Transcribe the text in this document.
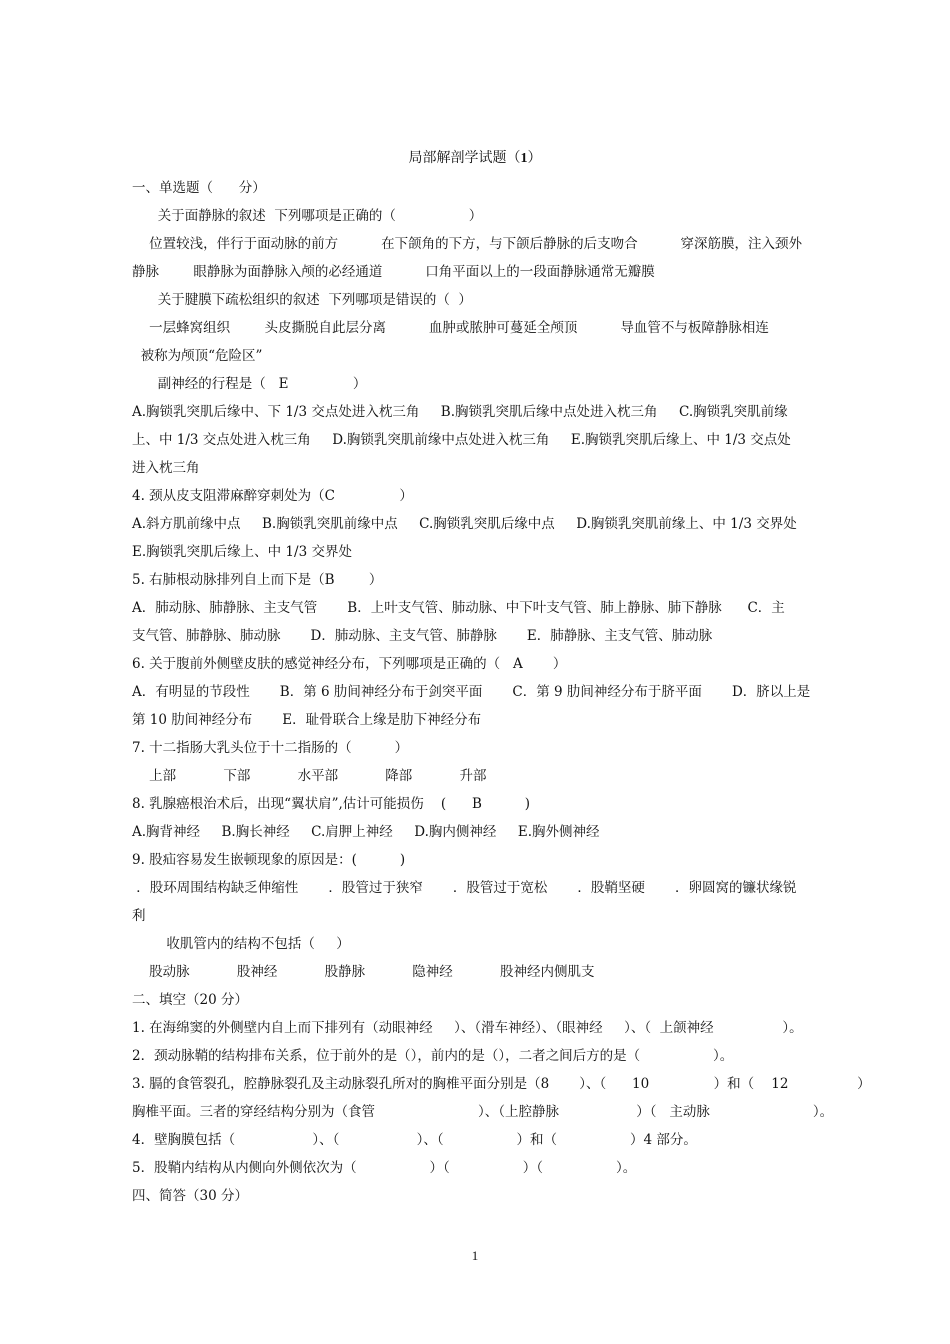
局部解剖学试题（1）
一、单选题（      分）
关于面静脉的叙述  下列哪项是正确的（                 ）
位置较浅，伴行于面动脉的前方          在下颌角的下方，与下颌后静脉的后支吻合          穿深筋膜，注入颈外
静脉        眼静脉为面静脉入颅的必经通道          口角平面以上的一段面静脉通常无瓣膜
关于腱膜下疏松组织的叙述  下列哪项是错误的（  ）
一层蜂窝组织        头皮撕脱自此层分离          血肿或脓肿可蔓延全颅顶          导血管不与板障静脉相连
被称为颅顶“危险区”
副神经的行程是（   E               ）
A.胸锁乳突肌后缘中、下 1/3 交点处进入枕三角     B.胸锁乳突肌后缘中点处进入枕三角     C.胸锁乳突肌前缘
上、中 1/3 交点处进入枕三角     D.胸锁乳突肌前缘中点处进入枕三角     E.胸锁乳突肌后缘上、中 1/3 交点处
进入枕三角
4. 颈从皮支阻滞麻醉穿刺处为（C               ）
A.斜方肌前缘中点     B.胸锁乳突肌前缘中点     C.胸锁乳突肌后缘中点     D.胸锁乳突肌前缘上、中 1/3 交界处
E.胸锁乳突肌后缘上、中 1/3 交界处
5. 右肺根动脉排列自上而下是（B        ）
A．肺动脉、肺静脉、主支气管       B．上叶支气管、肺动脉、中下叶支气管、肺上静脉、肺下静脉      C．主
支气管、肺静脉、肺动脉       D．肺动脉、主支气管、肺静脉       E．肺静脉、主支气管、肺动脉
6. 关于腹前外侧壁皮肤的感觉神经分布，下列哪项是正确的（   A       ）
A．有明显的节段性       B．第 6 肋间神经分布于剑突平面       C．第 9 肋间神经分布于脐平面       D．脐以上是
第 10 肋间神经分布       E．耻骨联合上缘是肋下神经分布
7. 十二指肠大乳头位于十二指肠的（          ）
上部           下部           水平部           降部           升部
8. 乳腺癌根治术后，出现“翼状肩”,估计可能损伤    (      B          )
A.胸背神经     B.胸长神经     C.肩胛上神经     D.胸内侧神经     E.胸外侧神经
9. 股疝容易发生嵌顿现象的原因是：(          )
．股环周围结构缺乏伸缩性       ．股管过于狭窄       ．股管过于宽松       ．股鞘坚硬       ．卵圆窝的镰状缘锐
利
收肌管内的结构不包括（     ）
股动脉           股神经           股静脉           隐神经           股神经内侧肌支
二、填空（20 分）
1. 在海绵窦的外侧壁内自上而下排列有（动眼神经     ）、（滑车神经）、（眼神经     ）、（  上颌神经                ）。
2．颈动脉鞘的结构排布关系，位于前外的是（），前内的是（），二者之间后方的是（                 ）。
3. 膈的食管裂孔，腔静脉裂孔及主动脉裂孔所对的胸椎平面分别是（8       ）、（      10               ）和（    12                ）
胸椎平面。三者的穿经结构分别为（食管                        ）、（上腔静脉                  ）（   主动脉                        ）。
4．壁胸膜包括（                  ）、（                  ）、（                 ）和（                 ）4 部分。
5．股鞘内结构从内侧向外侧依次为（                 ）（                 ）（                 ）。
四、简答（30 分）
1
